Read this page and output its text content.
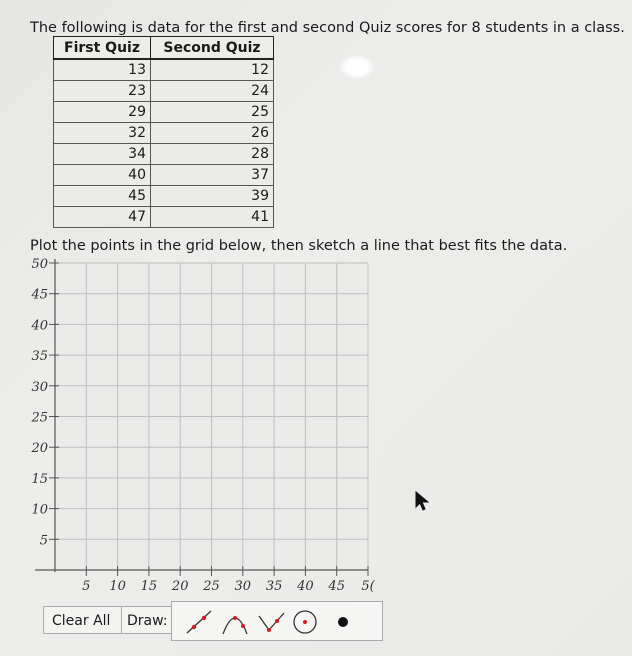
The following is data for the first and second Quiz scores for 8 students in a class.
First Quiz	Second Quiz
13	12
23	24
29	25
32	26
34	28
40	37
45	39
47	41
Plot the points in the grid below, then sketch a line that best fits the data.
50
45
40
35
30
25
20
15
10
5
5 10 15 20 25 30 35 40 45 5(
Clear All	Draw:
